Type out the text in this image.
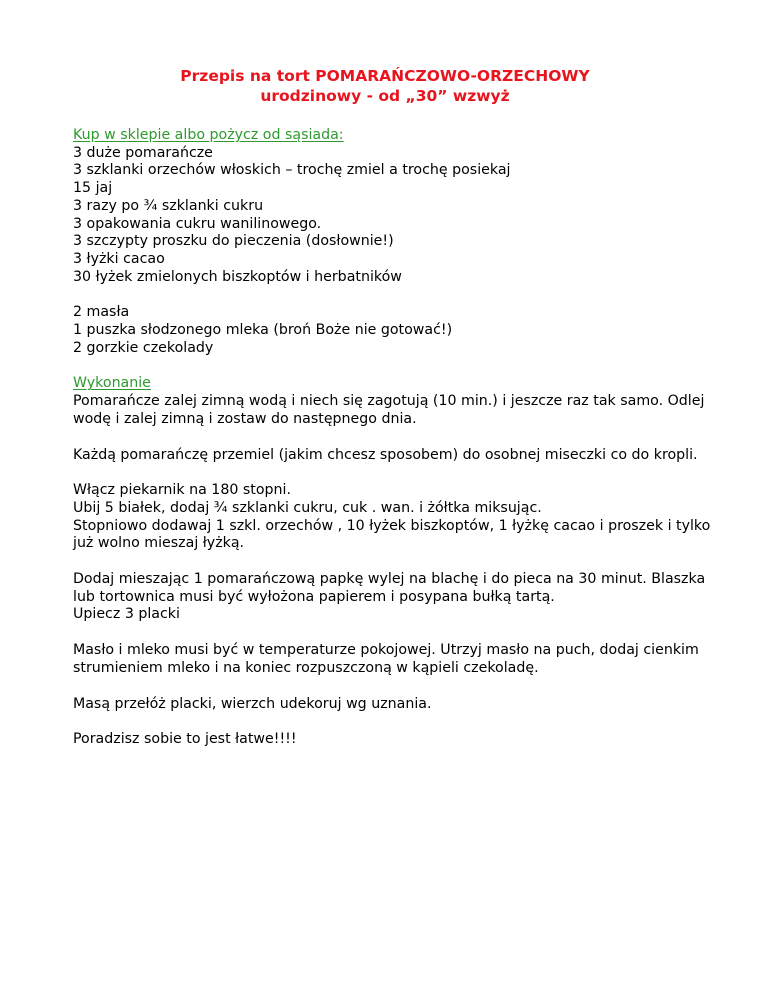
Przepis na tort POMARAŃCZOWO-ORZECHOWY

urodzinowy - od „30” wzwyż

Kup w sklepie albo pożycz od sąsiada:
3 duże pomarańcze
3 szklanki orzechów włoskich – trochę zmiel a trochę posiekaj
15 jaj
3 razy po ¾ szklanki cukru
3 opakowania cukru wanilinowego.
3 szczypty proszku do pieczenia (dosłownie!)
3 łyżki cacao
30 łyżek zmielonych biszkoptów i herbatników
2 masła
1 puszka słodzonego mleka (broń Boże nie gotować!)
2 gorzkie czekolady
Wykonanie
Pomarańcze zalej zimną wodą i niech się zagotują (10 min.) i jeszcze raz tak samo. Odlej
wodę i zalej zimną i zostaw do następnego dnia.
Każdą pomarańczę przemiel (jakim chcesz sposobem) do osobnej miseczki co do kropli.
Włącz piekarnik na 180 stopni.
Ubij 5 białek, dodaj ¾ szklanki cukru, cuk . wan. i żółtka miksując.
Stopniowo dodawaj 1 szkl. orzechów , 10 łyżek biszkoptów, 1 łyżkę cacao i proszek i tylko
już wolno mieszaj łyżką.
Dodaj mieszając 1 pomarańczową papkę wylej na blachę i do pieca na 30 minut. Blaszka
lub tortownica musi być wyłożona papierem i posypana bułką tartą.
Upiecz 3 placki
Masło i mleko musi być w temperaturze pokojowej. Utrzyj masło na puch, dodaj cienkim
strumieniem mleko i na koniec rozpuszczoną w kąpieli czekoladę.
Masą przełóż placki, wierzch udekoruj wg uznania.
Poradzisz sobie to jest łatwe!!!!
